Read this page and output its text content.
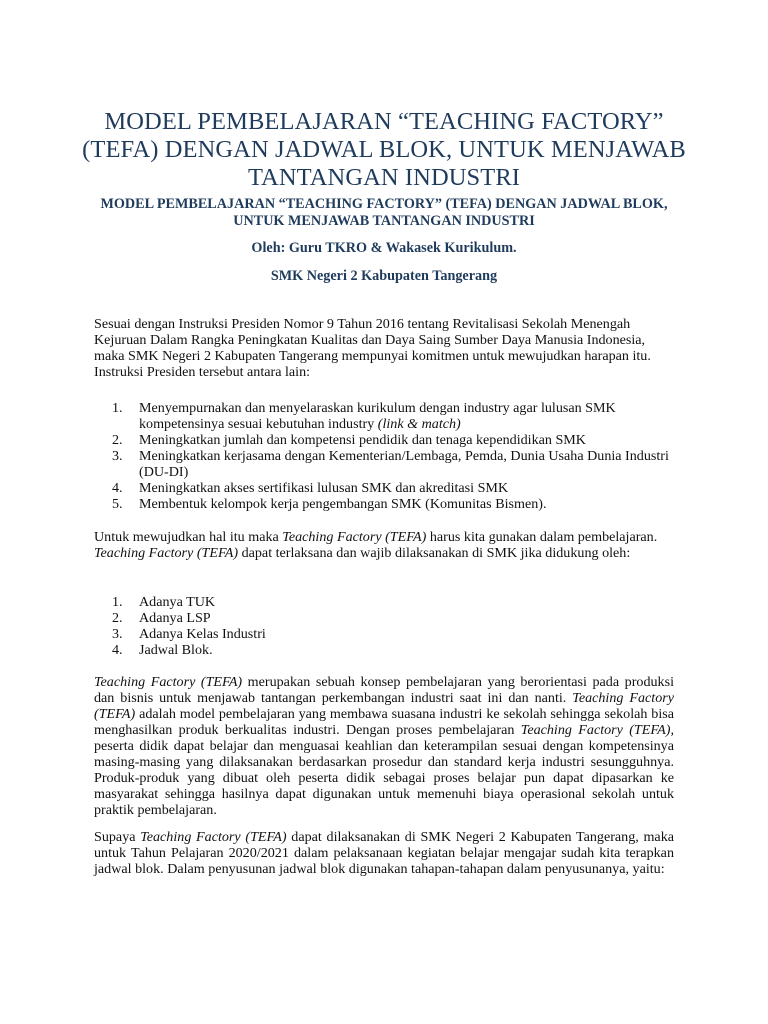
MODEL PEMBELAJARAN “TEACHING FACTORY” (TEFA) DENGAN JADWAL BLOK, UNTUK MENJAWAB TANTANGAN INDUSTRI
MODEL PEMBELAJARAN “TEACHING FACTORY” (TEFA) DENGAN JADWAL BLOK, UNTUK MENJAWAB TANTANGAN INDUSTRI
Oleh: Guru TKRO & Wakasek Kurikulum.
SMK Negeri 2 Kabupaten Tangerang

Sesuai dengan Instruksi Presiden Nomor 9 Tahun 2016 tentang Revitalisasi Sekolah Menengah Kejuruan Dalam Rangka Peningkatan Kualitas dan Daya Saing Sumber Daya Manusia Indonesia, maka SMK Negeri 2 Kabupaten Tangerang mempunyai komitmen untuk mewujudkan harapan itu. Instruksi Presiden tersebut antara lain:

1. Menyempurnakan dan menyelaraskan kurikulum dengan industry agar lulusan SMK kompetensinya sesuai kebutuhan industry (link & match)
2. Meningkatkan jumlah dan kompetensi pendidik dan tenaga kependidikan SMK
3. Meningkatkan kerjasama dengan Kementerian/Lembaga, Pemda, Dunia Usaha Dunia Industri (DU-DI)
4. Meningkatkan akses sertifikasi lulusan SMK dan akreditasi SMK
5. Membentuk kelompok kerja pengembangan SMK (Komunitas Bismen).

Untuk mewujudkan hal itu maka Teaching Factory (TEFA) harus kita gunakan dalam pembelajaran. Teaching Factory (TEFA) dapat terlaksana dan wajib dilaksanakan di SMK jika didukung oleh:

1. Adanya TUK
2. Adanya LSP
3. Adanya Kelas Industri
4. Jadwal Blok.

Teaching Factory (TEFA) merupakan sebuah konsep pembelajaran yang berorientasi pada produksi dan bisnis untuk menjawab tantangan perkembangan industri saat ini dan nanti. Teaching Factory (TEFA) adalah model pembelajaran yang membawa suasana industri ke sekolah sehingga sekolah bisa menghasilkan produk berkualitas industri. Dengan proses pembelajaran Teaching Factory (TEFA), peserta didik dapat belajar dan menguasai keahlian dan keterampilan sesuai dengan kompetensinya masing-masing yang dilaksanakan berdasarkan prosedur dan standard kerja industri sesungguhnya. Produk-produk yang dibuat oleh peserta didik sebagai proses belajar pun dapat dipasarkan ke masyarakat sehingga hasilnya dapat digunakan untuk memenuhi biaya operasional sekolah untuk praktik pembelajaran.

Supaya Teaching Factory (TEFA) dapat dilaksanakan di SMK Negeri 2 Kabupaten Tangerang, maka untuk Tahun Pelajaran 2020/2021 dalam pelaksanaan kegiatan belajar mengajar sudah kita terapkan jadwal blok. Dalam penyusunan jadwal blok digunakan tahapan-tahapan dalam penyusunanya, yaitu:
